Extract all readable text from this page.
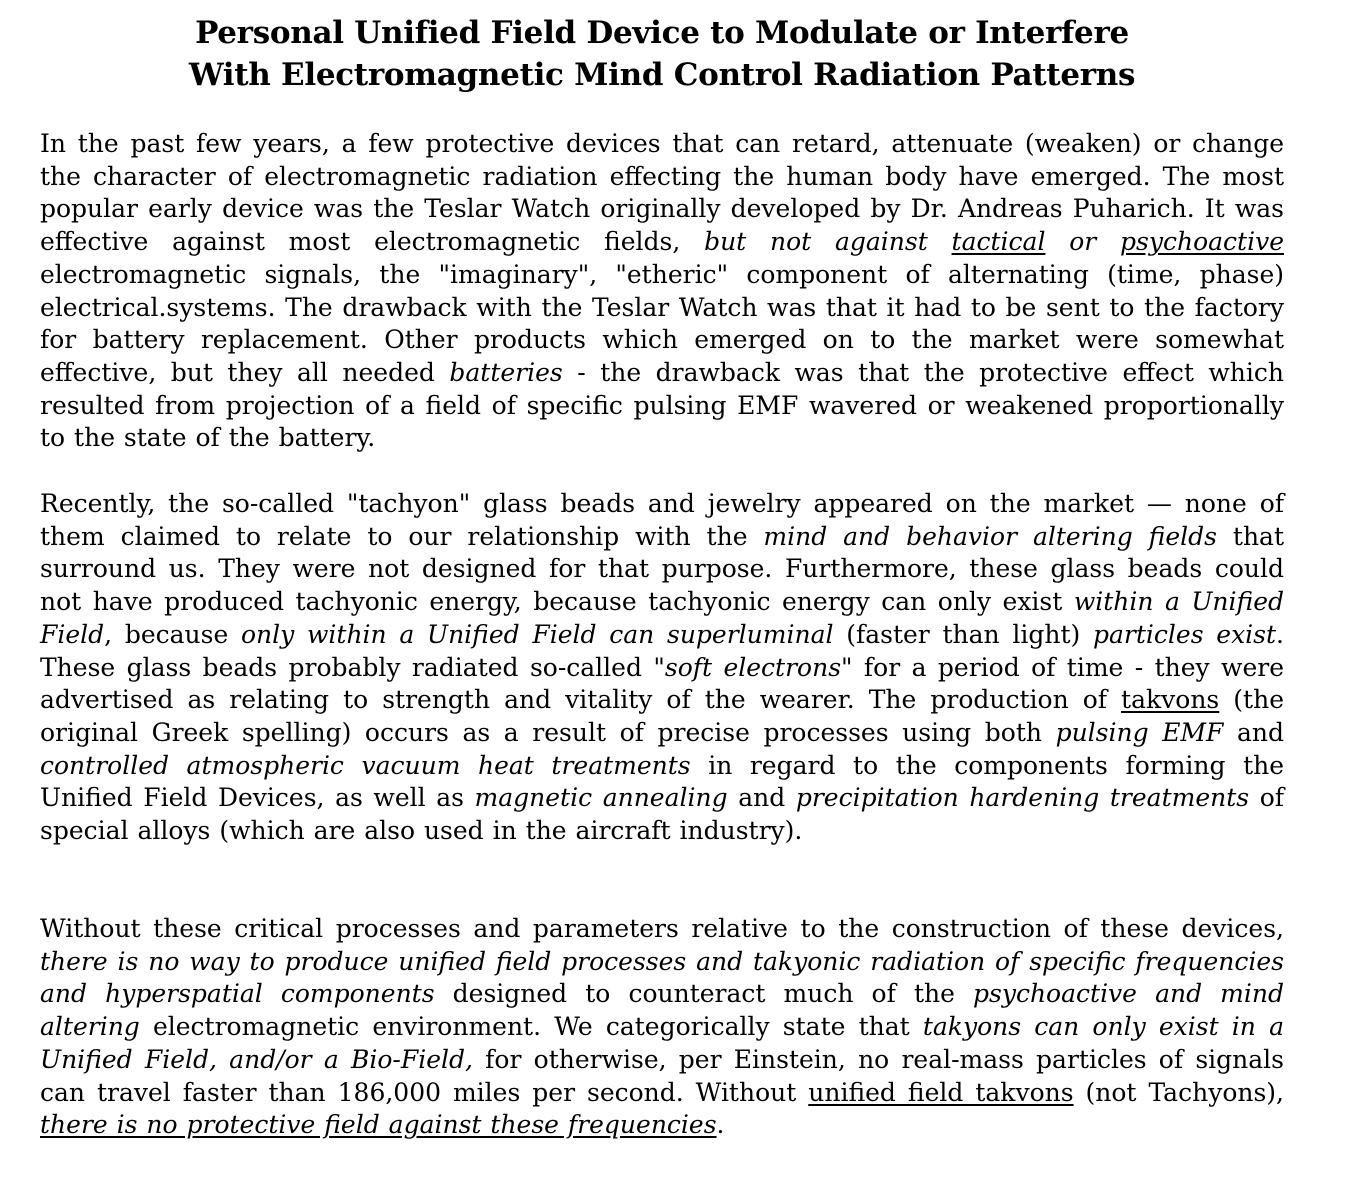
Personal Unified Field Device to Modulate or Interfere
With Electromagnetic Mind Control Radiation Patterns

In the past few years, a few protective devices that can retard, attenuate (weaken) or change the character of electromagnetic radiation effecting the human body have emerged. The most popular early device was the Teslar Watch originally developed by Dr. Andreas Puharich. It was effective against most electromagnetic fields, but not against tactical or psychoactive electromagnetic signals, the "imaginary", "etheric" component of alternating (time, phase) electrical.systems. The drawback with the Teslar Watch was that it had to be sent to the factory for battery replacement. Other products which emerged on to the market were somewhat effective, but they all needed batteries - the drawback was that the protective effect which resulted from projection of a field of specific pulsing EMF wavered or weakened proportionally to the state of the battery.

Recently, the so-called "tachyon" glass beads and jewelry appeared on the market — none of them claimed to relate to our relationship with the mind and behavior altering fields that surround us. They were not designed for that purpose. Furthermore, these glass beads could not have produced tachyonic energy, because tachyonic energy can only exist within a Unified Field, because only within a Unified Field can superluminal (faster than light) particles exist. These glass beads probably radiated so-called "soft electrons" for a period of time - they were advertised as relating to strength and vitality of the wearer. The production of takvons (the original Greek spelling) occurs as a result of precise processes using both pulsing EMF and controlled atmospheric vacuum heat treatments in regard to the components forming the Unified Field Devices, as well as magnetic annealing and precipitation hardening treatments of special alloys (which are also used in the aircraft industry).

Without these critical processes and parameters relative to the construction of these devices, there is no way to produce unified field processes and takyonic radiation of specific frequencies and hyperspatial components designed to counteract much of the psychoactive and mind altering electromagnetic environment. We categorically state that takyons can only exist in a Unified Field, and/or a Bio-Field, for otherwise, per Einstein, no real-mass particles of signals can travel faster than 186,000 miles per second. Without unified field takvons (not Tachyons), there is no protective field against these frequencies.
